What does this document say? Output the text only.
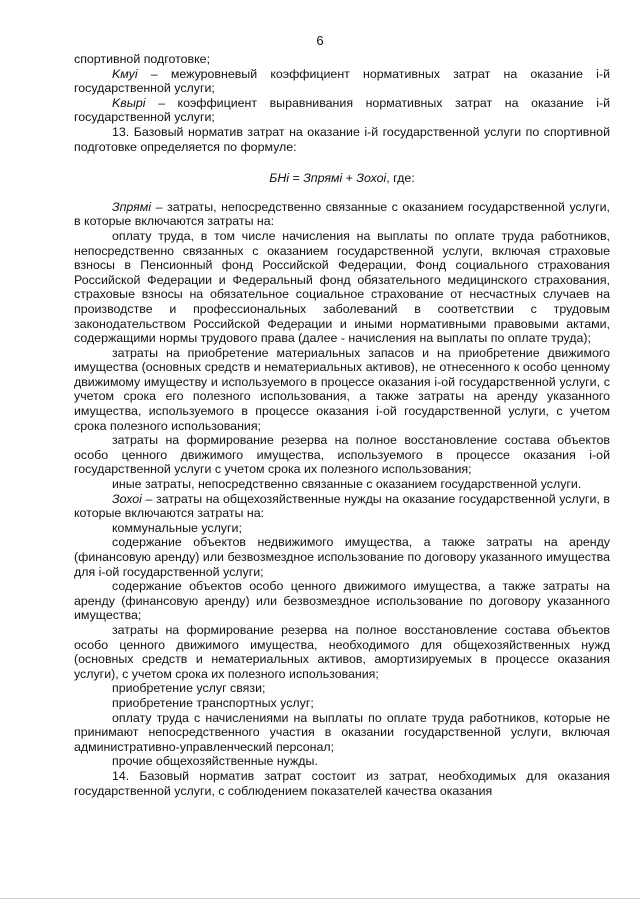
6

спортивной подготовке;

Kмуi – межуровневый коэффициент нормативных затрат на оказание i-й государственной услуги;

Kвырi – коэффициент выравнивания нормативных затрат на оказание i-й государственной услуги;

13. Базовый норматив затрат на оказание i-й государственной услуги по спортивной подготовке определяется по формуле:

БНi = Зпрямi + Зохоi, где:

Зпрямi – затраты, непосредственно связанные с оказанием государственной услуги, в которые включаются затраты на:

оплату труда, в том числе начисления на выплаты по оплате труда работников, непосредственно связанных с оказанием государственной услуги, включая страховые взносы в Пенсионный фонд Российской Федерации, Фонд социального страхования Российской Федерации и Федеральный фонд обязательного медицинского страхования, страховые взносы на обязательное социальное страхование от несчастных случаев на производстве и профессиональных заболеваний в соответствии с трудовым законодательством Российской Федерации и иными нормативными правовыми актами, содержащими нормы трудового права (далее - начисления на выплаты по оплате труда);

затраты на приобретение материальных запасов и на приобретение движимого имущества (основных средств и нематериальных активов), не отнесенного к особо ценному движимому имуществу и используемого в процессе оказания i-ой государственной услуги, с учетом срока его полезного использования, а также затраты на аренду указанного имущества, используемого в процессе оказания i-ой государственной услуги, с учетом срока полезного использования;

затраты на формирование резерва на полное восстановление состава объектов особо ценного движимого имущества, используемого в процессе оказания i-ой государственной услуги с учетом срока их полезного использования;

иные затраты, непосредственно связанные с оказанием государственной услуги.

Зохоi – затраты на общехозяйственные нужды на оказание государственной услуги, в которые включаются затраты на:

коммунальные услуги;

содержание объектов недвижимого имущества, а также затраты на аренду (финансовую аренду) или безвозмездное использование по договору указанного имущества для i-ой государственной услуги;

содержание объектов особо ценного движимого имущества, а также затраты на аренду (финансовую аренду) или безвозмездное использование по договору указанного имущества;

затраты на формирование резерва на полное восстановление состава объектов особо ценного движимого имущества, необходимого для общехозяйственных нужд (основных средств и нематериальных активов, амортизируемых в процессе оказания услуги), с учетом срока их полезного использования;

приобретение услуг связи;

приобретение транспортных услуг;

оплату труда с начислениями на выплаты по оплате труда работников, которые не принимают непосредственного участия в оказании государственной услуги, включая административно-управленческий персонал;

прочие общехозяйственные нужды.

14. Базовый норматив затрат состоит из затрат, необходимых для оказания государственной услуги, с соблюдением показателей качества оказания
